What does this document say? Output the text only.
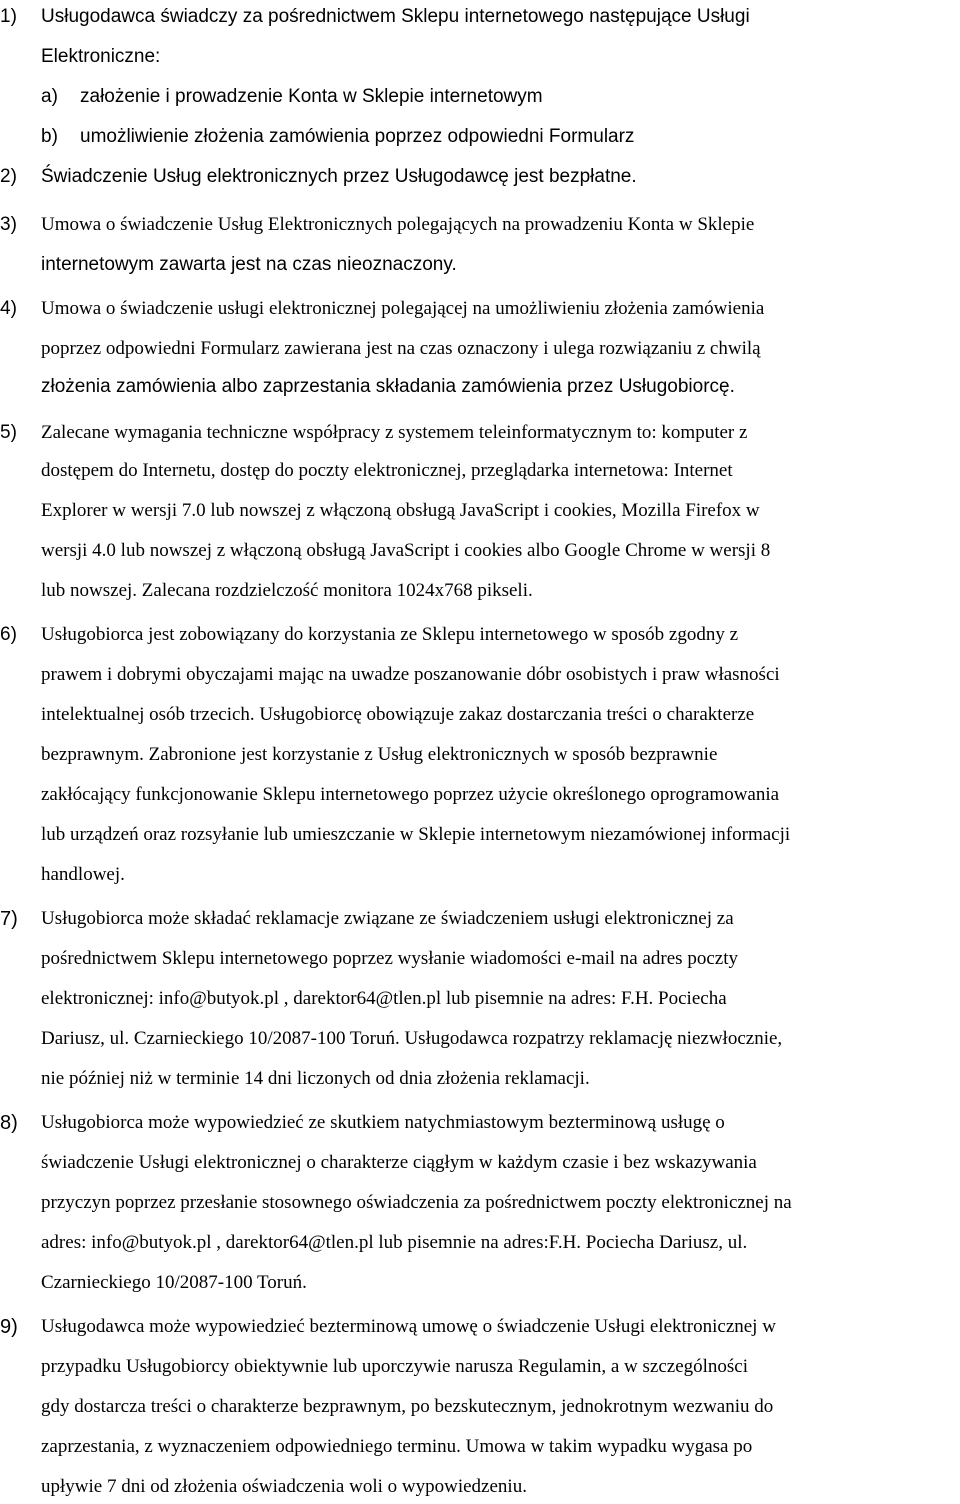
1) Usługodawca świadczy za pośrednictwem Sklepu internetowego następujące Usługi
Elektroniczne:
a) założenie i prowadzenie Konta w Sklepie internetowym
b) umożliwienie złożenia zamówienia poprzez odpowiedni Formularz
2) Świadczenie Usług elektronicznych przez Usługodawcę jest bezpłatne.
3) Umowa o świadczenie Usług Elektronicznych polegających na prowadzeniu Konta w Sklepie
internetowym zawarta jest na czas nieoznaczony.
4) Umowa o świadczenie usługi elektronicznej polegającej na umożliwieniu złożenia zamówienia
poprzez odpowiedni Formularz zawierana jest na czas oznaczony i ulega rozwiązaniu z chwilą
złożenia zamówienia albo zaprzestania składania zamówienia przez Usługobiorcę.
5) Zalecane wymagania techniczne współpracy z systemem teleinformatycznym to: komputer z
dostępem do Internetu, dostęp do poczty elektronicznej, przeglądarka internetowa: Internet
Explorer w wersji 7.0 lub nowszej z włączoną obsługą JavaScript i cookies, Mozilla Firefox w
wersji 4.0 lub nowszej z włączoną obsługą JavaScript i cookies albo Google Chrome w wersji 8
lub nowszej. Zalecana rozdzielczość monitora 1024x768 pikseli.
6) Usługobiorca jest zobowiązany do korzystania ze Sklepu internetowego w sposób zgodny z
prawem i dobrymi obyczajami mając na uwadze poszanowanie dóbr osobistych i praw własności
intelektualnej osób trzecich. Usługobiorcę obowiązuje zakaz dostarczania treści o charakterze
bezprawnym. Zabronione jest korzystanie z Usług elektronicznych w sposób bezprawnie
zakłócający funkcjonowanie Sklepu internetowego poprzez użycie określonego oprogramowania
lub urządzeń oraz rozsyłanie lub umieszczanie w Sklepie internetowym niezamówionej informacji
handlowej.
7) Usługobiorca może składać reklamacje związane ze świadczeniem usługi elektronicznej za
pośrednictwem Sklepu internetowego poprzez wysłanie wiadomości e-mail na adres poczty
elektronicznej: info@butyok.pl , darektor64@tlen.pl lub pisemnie na adres: F.H. Pociecha
Dariusz, ul. Czarnieckiego 10/2087-100 Toruń. Usługodawca rozpatrzy reklamację niezwłocznie,
nie później niż w terminie 14 dni liczonych od dnia złożenia reklamacji.
8) Usługobiorca może wypowiedzieć ze skutkiem natychmiastowym bezterminową usługę o
świadczenie Usługi elektronicznej o charakterze ciągłym w każdym czasie i bez wskazywania
przyczyn poprzez przesłanie stosownego oświadczenia za pośrednictwem poczty elektronicznej na
adres: info@butyok.pl , darektor64@tlen.pl lub pisemnie na adres:F.H. Pociecha Dariusz, ul.
Czarnieckiego 10/2087-100 Toruń.
9) Usługodawca może wypowiedzieć bezterminową umowę o świadczenie Usługi elektronicznej w
przypadku Usługobiorcy obiektywnie lub uporczywie narusza Regulamin, a w szczególności
gdy dostarcza treści o charakterze bezprawnym, po bezskutecznym, jednokrotnym wezwaniu do
zaprzestania, z wyznaczeniem odpowiedniego terminu. Umowa w takim wypadku wygasa po
upływie 7 dni od złożenia oświadczenia woli o wypowiedzeniu.
